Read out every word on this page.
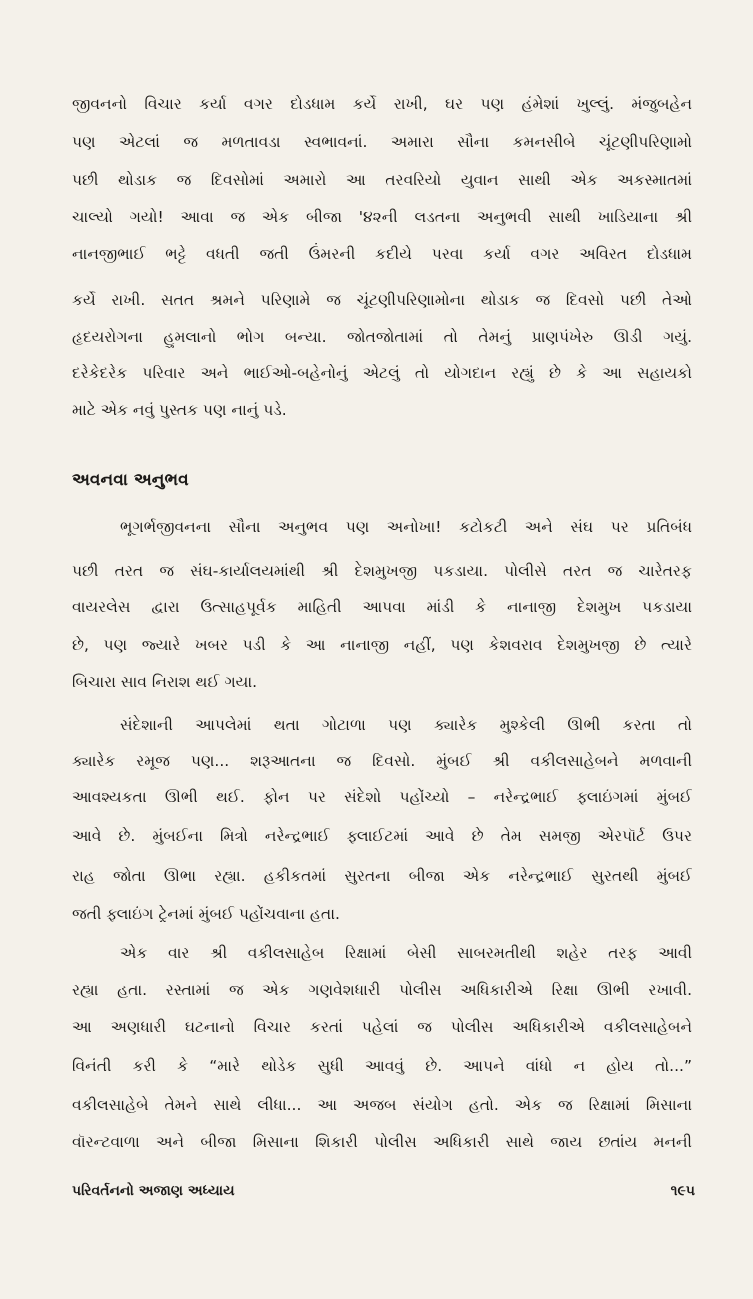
જીવનનો વિચાર કર્યા વગર દોડધામ કર્યે રાખી, ઘર પણ હંમેશાં ખુલ્લું. મંજુબહેન
પણ એટલાં જ મળતાવડા સ્વભાવનાં. અમારા સૌના કમનસીબે ચૂંટણીપરિણામો
પછી થોડાક જ દિવસોમાં અમારો આ તરવરિયો યુવાન સાથી એક અકસ્માતમાં
ચાલ્યો ગયો! આવા જ એક બીજા '૪૨ની લડતના અનુભવી સાથી ખાડિયાના શ્રી
નાનજીભાઈ ભટ્ટે વધતી જતી ઉંમરની કદીયે પરવા કર્યા વગર અવિરત દોડધામ
કર્યે રાખી. સતત શ્રમને પરિણામે જ ચૂંટણીપરિણામોના થોડાક જ દિવસો પછી તેઓ
હૃદયરોગના હુમલાનો ભોગ બન્યા. જોતજોતામાં તો તેમનું પ્રાણપંખેરુ ઊડી ગયું.
દરેકેદરેક પરિવાર અને ભાઈઓ-બહેનોનું એટલું તો યોગદાન રહ્યું છે કે આ સહાયકો
માટે એક નવું પુસ્તક પણ નાનું પડે.
અવનવા અનુભવ
ભૂગર્ભજીવનના સૌના અનુભવ પણ અનોખા! કટોકટી અને સંઘ પર પ્રતિબંધ
પછી તરત જ સંઘ-કાર્યાલયમાંથી શ્રી દેશમુખજી પકડાયા. પોલીસે તરત જ ચારેતરફ
વાયરલેસ દ્વારા ઉત્સાહપૂર્વક માહિતી આપવા માંડી કે નાનાજી દેશમુખ પકડાયા
છે, પણ જ્યારે ખબર પડી કે આ નાનાજી નહીં, પણ કેશવરાવ દેશમુખજી છે ત્યારે
બિચારા સાવ નિરાશ થઈ ગયા.
સંદેશાની આપલેમાં થતા ગોટાળા પણ ક્યારેક મુશ્કેલી ઊભી કરતા તો
ક્યારેક રમૂજ પણ... શરૂઆતના જ દિવસો. મુંબઈ શ્રી વકીલસાહેબને મળવાની
આવશ્યકતા ઊભી થઈ. ફોન પર સંદેશો પહોંચ્યો – નરેન્દ્રભાઈ ફ્લાઇંગમાં મુંબઈ
આવે છે. મુંબઈના મિત્રો નરેન્દ્રભાઈ ફ્લાઈટમાં આવે છે તેમ સમજી એરપૉર્ટ ઉપર
રાહ જોતા ઊભા રહ્યા. હકીકતમાં સુરતના બીજા એક નરેન્દ્રભાઈ સુરતથી મુંબઈ
જતી ફ્લાઇંગ ટ્રેનમાં મુંબઈ પહોંચવાના હતા.
એક વાર શ્રી વકીલસાહેબ રિક્ષામાં બેસી સાબરમતીથી શહેર તરફ આવી
રહ્યા હતા. રસ્તામાં જ એક ગણવેશધારી પોલીસ અધિકારીએ રિક્ષા ઊભી રખાવી.
આ અણધારી ઘટનાનો વિચાર કરતાં પહેલાં જ પોલીસ અધિકારીએ વકીલસાહેબને
વિનંતી કરી કે “મારે થોડેક સુધી આવવું છે. આપને વાંધો ન હોય તો...”
વકીલસાહેબે તેમને સાથે લીધા... આ અજબ સંયોગ હતો. એક જ રિક્ષામાં મિસાના
વૉરન્ટવાળા અને બીજા મિસાના શિકારી પોલીસ અધિકારી સાથે જાય છતાંય મનની
પરિવર્તનનો અજાણ અધ્યાય	૧૯૫
